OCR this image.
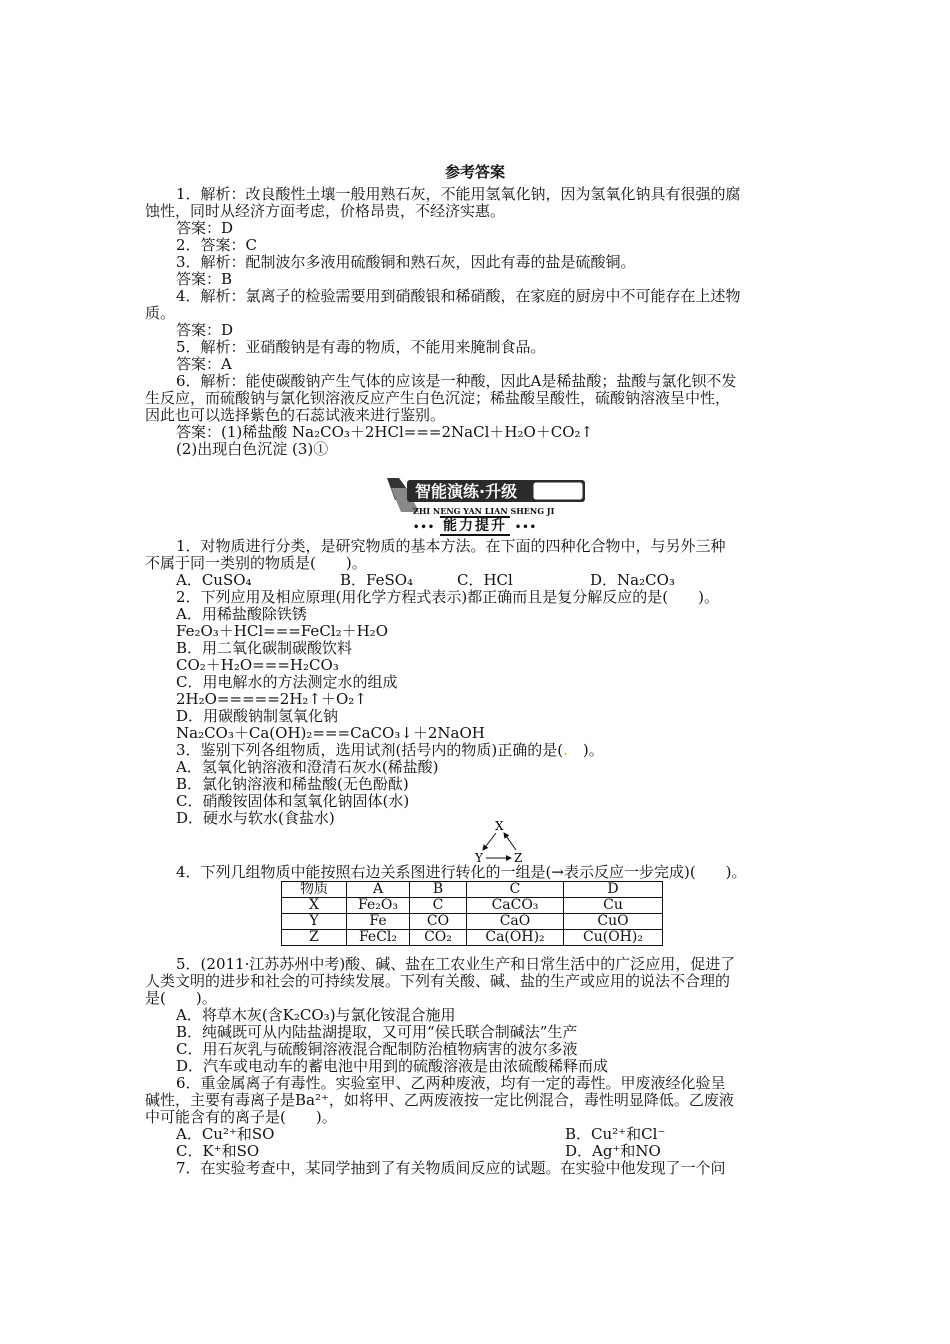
参考答案
1．解析：改良酸性土壤一般用熟石灰，不能用氢氧化钠，因为氢氧化钠具有很强的腐
蚀性，同时从经济方面考虑，价格昂贵，不经济实惠。
答案：D
2．答案：C
3．解析：配制波尔多液用硫酸铜和熟石灰，因此有毒的盐是硫酸铜。
答案：B
4．解析：氯离子的检验需要用到硝酸银和稀硝酸，在家庭的厨房中不可能存在上述物
质。
答案：D
5．解析：亚硝酸钠是有毒的物质，不能用来腌制食品。
答案：A
6．解析：能使碳酸钠产生气体的应该是一种酸，因此A是稀盐酸；盐酸与氯化钡不发
生反应，而硫酸钠与氯化钡溶液反应产生白色沉淀；稀盐酸呈酸性，硫酸钠溶液呈中性，
因此也可以选择紫色的石蕊试液来进行鉴别。
答案：(1)稀盐酸 Na₂CO₃＋2HCl===2NaCl＋H₂O＋CO₂↑
(2)出现白色沉淀 (3)①
智能演练·升级
ZHI NENG YAN LIAN SHENG JI
••• 能力提升 •••
1．对物质进行分类，是研究物质的基本方法。在下面的四种化合物中，与另外三种
不属于同一类别的物质是(　　)。
A．CuSO₄	B．FeSO₄	C．HCl	D．Na₂CO₃
2．下列应用及相应原理(用化学方程式表示)都正确而且是复分解反应的是(　　)。
A．用稀盐酸除铁锈
Fe₂O₃＋HCl===FeCl₂＋H₂O
B．用二氧化碳制碳酸饮料
CO₂＋H₂O===H₂CO₃
C．用电解水的方法测定水的组成
2H₂O=====2H₂↑＋O₂↑
D．用碳酸钠制氢氧化钠
Na₂CO₃＋Ca(OH)₂===CaCO₃↓＋2NaOH
3．鉴别下列各组物质，选用试剂(括号内的物质)正确的是(.　)。
A．氢氧化钠溶液和澄清石灰水(稀盐酸)
B．氯化钠溶液和稀盐酸(无色酚酞)
C．硝酸铵固体和氢氧化钠固体(水)
D．硬水与软水(食盐水)	X
Y	Z
4．下列几组物质中能按照右边关系图进行转化的一组是(→表示反应一步完成)(　　)。
物质	A	B	C	D
X	Fe₂O₃	C	CaCO₃	Cu
Y	Fe	CO	CaO	CuO
Z	FeCl₂	CO₂	Ca(OH)₂	Cu(OH)₂
5．(2011·江苏苏州中考)酸、碱、盐在工农业生产和日常生活中的广泛应用，促进了
人类文明的进步和社会的可持续发展。下列有关酸、碱、盐的生产或应用的说法不合理的
是(　　)。
A．将草木灰(含K₂CO₃)与氯化铵混合施用
B．纯碱既可从内陆盐湖提取，又可用“侯氏联合制碱法”生产
C．用石灰乳与硫酸铜溶液混合配制防治植物病害的波尔多液
D．汽车或电动车的蓄电池中用到的硫酸溶液是由浓硫酸稀释而成
6．重金属离子有毒性。实验室甲、乙两种废液，均有一定的毒性。甲废液经化验呈
碱性，主要有毒离子是Ba²⁺，如将甲、乙两废液按一定比例混合，毒性明显降低。乙废液
中可能含有的离子是(　　)。
A．Cu²⁺和SO	B．Cu²⁺和Cl⁻
C．K⁺和SO	D．Ag⁺和NO
7．在实验考查中，某同学抽到了有关物质间反应的试题。在实验中他发现了一个问
